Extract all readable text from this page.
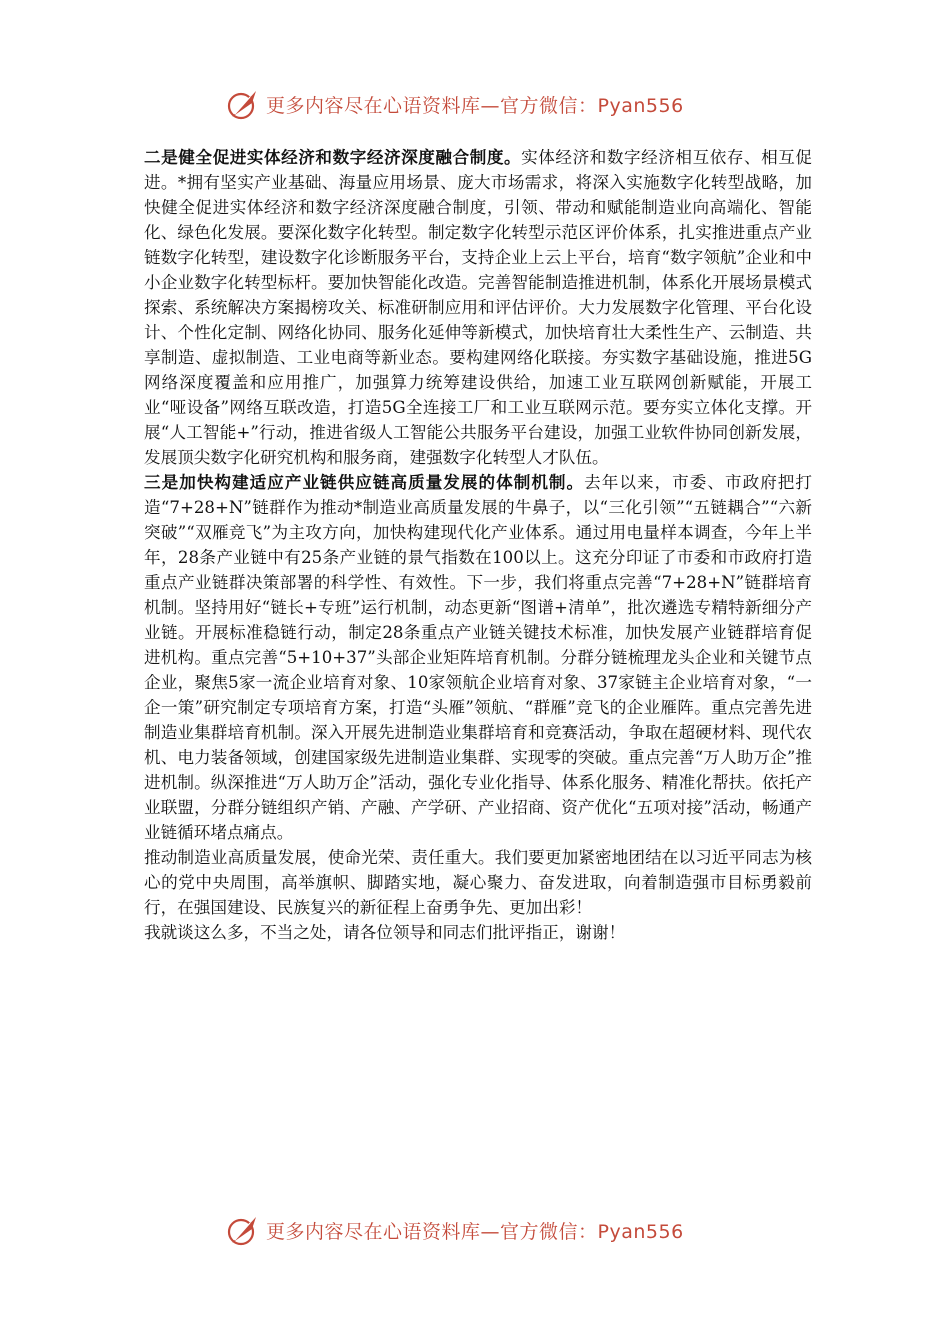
更多内容尽在心语资料库—官方微信：Pyan556

二是健全促进实体经济和数字经济深度融合制度。实体经济和数字经济相互依存、相互促进。*拥有坚实产业基础、海量应用场景、庞大市场需求，将深入实施数字化转型战略，加快健全促进实体经济和数字经济深度融合制度，引领、带动和赋能制造业向高端化、智能化、绿色化发展。要深化数字化转型。制定数字化转型示范区评价体系，扎实推进重点产业链数字化转型，建设数字化诊断服务平台，支持企业上云上平台，培育“数字领航”企业和中小企业数字化转型标杆。要加快智能化改造。完善智能制造推进机制，体系化开展场景模式探索、系统解决方案揭榜攻关、标准研制应用和评估评价。大力发展数字化管理、平台化设计、个性化定制、网络化协同、服务化延伸等新模式，加快培育壮大柔性生产、云制造、共享制造、虚拟制造、工业电商等新业态。要构建网络化联接。夯实数字基础设施，推进5G网络深度覆盖和应用推广，加强算力统筹建设供给，加速工业互联网创新赋能，开展工业“哑设备”网络互联改造，打造5G全连接工厂和工业互联网示范。要夯实立体化支撑。开展“人工智能+”行动，推进省级人工智能公共服务平台建设，加强工业软件协同创新发展，发展顶尖数字化研究机构和服务商，建强数字化转型人才队伍。

三是加快构建适应产业链供应链高质量发展的体制机制。去年以来，市委、市政府把打造“7+28+N”链群作为推动*制造业高质量发展的牛鼻子，以“三化引领”“五链耦合”“六新突破”“双雁竞飞”为主攻方向，加快构建现代化产业体系。通过用电量样本调查，今年上半年，28条产业链中有25条产业链的景气指数在100以上。这充分印证了市委和市政府打造重点产业链群决策部署的科学性、有效性。下一步，我们将重点完善“7+28+N”链群培育机制。坚持用好“链长+专班”运行机制，动态更新“图谱+清单”，批次遴选专精特新细分产业链。开展标准稳链行动，制定28条重点产业链关键技术标准，加快发展产业链群培育促进机构。重点完善“5+10+37”头部企业矩阵培育机制。分群分链梳理龙头企业和关键节点企业，聚焦5家一流企业培育对象、10家领航企业培育对象、37家链主企业培育对象，“一企一策”研究制定专项培育方案，打造“头雁”领航、“群雁”竞飞的企业雁阵。重点完善先进制造业集群培育机制。深入开展先进制造业集群培育和竞赛活动，争取在超硬材料、现代农机、电力装备领域，创建国家级先进制造业集群、实现零的突破。重点完善“万人助万企”推进机制。纵深推进“万人助万企”活动，强化专业化指导、体系化服务、精准化帮扶。依托产业联盟，分群分链组织产销、产融、产学研、产业招商、资产优化“五项对接”活动，畅通产业链循环堵点痛点。

推动制造业高质量发展，使命光荣、责任重大。我们要更加紧密地团结在以习近平同志为核心的党中央周围，高举旗帜、脚踏实地，凝心聚力、奋发进取，向着制造强市目标勇毅前行，在强国建设、民族复兴的新征程上奋勇争先、更加出彩！

我就谈这么多，不当之处，请各位领导和同志们批评指正，谢谢！

更多内容尽在心语资料库—官方微信：Pyan556
